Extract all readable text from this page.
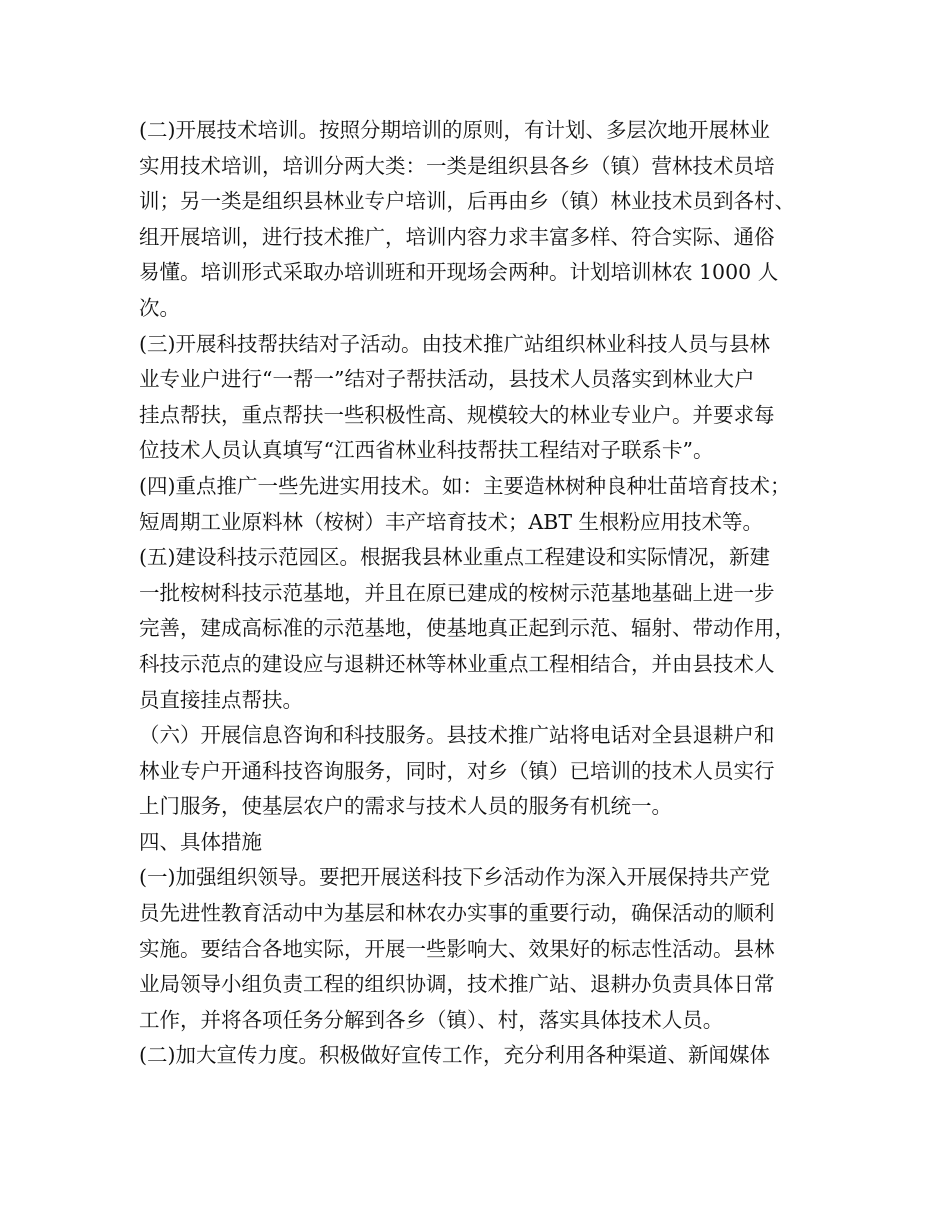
(二)开展技术培训。按照分期培训的原则，有计划、多层次地开展林业
实用技术培训，培训分两大类：一类是组织县各乡（镇）营林技术员培
训；另一类是组织县林业专户培训，后再由乡（镇）林业技术员到各村、
组开展培训，进行技术推广，培训内容力求丰富多样、符合实际、通俗
易懂。培训形式采取办培训班和开现场会两种。计划培训林农 1000 人
次。
(三)开展科技帮扶结对子活动。由技术推广站组织林业科技人员与县林
业专业户进行“一帮一”结对子帮扶活动，县技术人员落实到林业大户
挂点帮扶，重点帮扶一些积极性高、规模较大的林业专业户。并要求每
位技术人员认真填写“江西省林业科技帮扶工程结对子联系卡”。
(四)重点推广一些先进实用技术。如：主要造林树种良种壮苗培育技术；
短周期工业原料林（桉树）丰产培育技术；ABT 生根粉应用技术等。
(五)建设科技示范园区。根据我县林业重点工程建设和实际情况，新建
一批桉树科技示范基地，并且在原已建成的桉树示范基地基础上进一步
完善，建成高标准的示范基地，使基地真正起到示范、辐射、带动作用，
科技示范点的建设应与退耕还林等林业重点工程相结合，并由县技术人
员直接挂点帮扶。
（六）开展信息咨询和科技服务。县技术推广站将电话对全县退耕户和
林业专户开通科技咨询服务，同时，对乡（镇）已培训的技术人员实行
上门服务，使基层农户的需求与技术人员的服务有机统一。
四、具体措施
(一)加强组织领导。要把开展送科技下乡活动作为深入开展保持共产党
员先进性教育活动中为基层和林农办实事的重要行动，确保活动的顺利
实施。要结合各地实际，开展一些影响大、效果好的标志性活动。县林
业局领导小组负责工程的组织协调，技术推广站、退耕办负责具体日常
工作，并将各项任务分解到各乡（镇）、村，落实具体技术人员。
(二)加大宣传力度。积极做好宣传工作，充分利用各种渠道、新闻媒体
